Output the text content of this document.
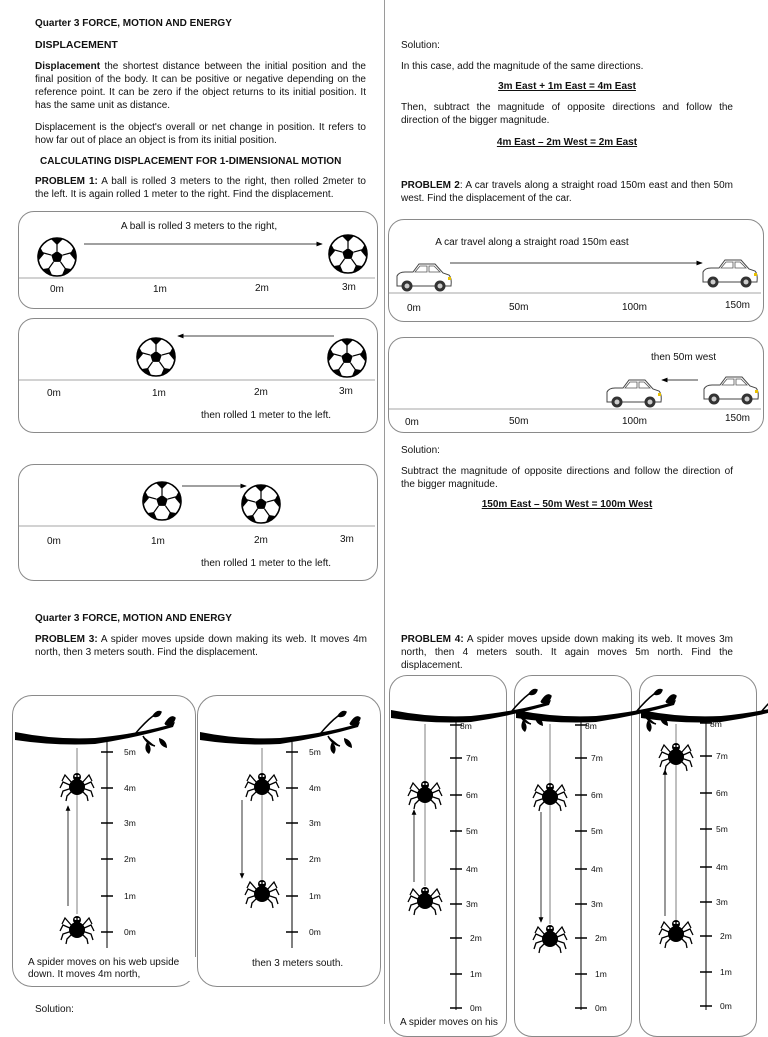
Quarter 3 FORCE, MOTION AND ENERGY
DISPLACEMENT
Displacement the shortest distance between the initial position and the final position of the body. It can be positive or negative depending on the reference point. It can be zero if the object returns to its initial position. It has the same unit as distance.
Displacement is the object's overall or net change in position. It refers to how far out of place an object is from its initial position.
CALCULATING DISPLACEMENT FOR 1-DIMENSIONAL MOTION
PROBLEM 1: A ball is rolled 3 meters to the right, then rolled 2meter to the left. It is again rolled 1 meter to the right. Find the displacement.
A ball is rolled 3 meters to the right,
0m	1m	2m	3m
0m	1m	2m	3m
then rolled 1 meter to the left.
0m	1m	2m	3m
then rolled 1 meter to the left.
Solution:
In this case, add the magnitude of the same directions.
3m East + 1m East = 4m East
Then, subtract the magnitude of opposite directions and follow the direction of the bigger magnitude.
4m East – 2m West = 2m East
PROBLEM 2: A car travels along a straight road 150m east and then 50m west. Find the displacement of the car.
A car travel along a straight road 150m east
0m	50m	100m	150m
then 50m west
0m	50m	100m	150m
Solution:
Subtract the magnitude of opposite directions and follow the direction of the bigger magnitude.
150m East – 50m West = 100m West
Quarter 3 FORCE, MOTION AND ENERGY
PROBLEM 3: A spider moves upside down making its web. It moves 4m north, then 3 meters south. Find the displacement.
PROBLEM 4: A spider moves upside down making its web. It moves 3m north, then 4 meters south. It again moves 5m north. Find the displacement.
0m
1m
2m
3m
4m
5m
0m
1m
2m
3m
4m
5m
0m
1m
2m
3m
4m
5m
6m
7m
8m
0m
1m
2m
3m
4m
5m
6m
7m
8m
0m
1m
2m
3m
4m
5m
6m
7m
8m
A spider moves on his web upside down. It moves 4m north,
then 3 meters south.
A spider moves on his
Solution:
